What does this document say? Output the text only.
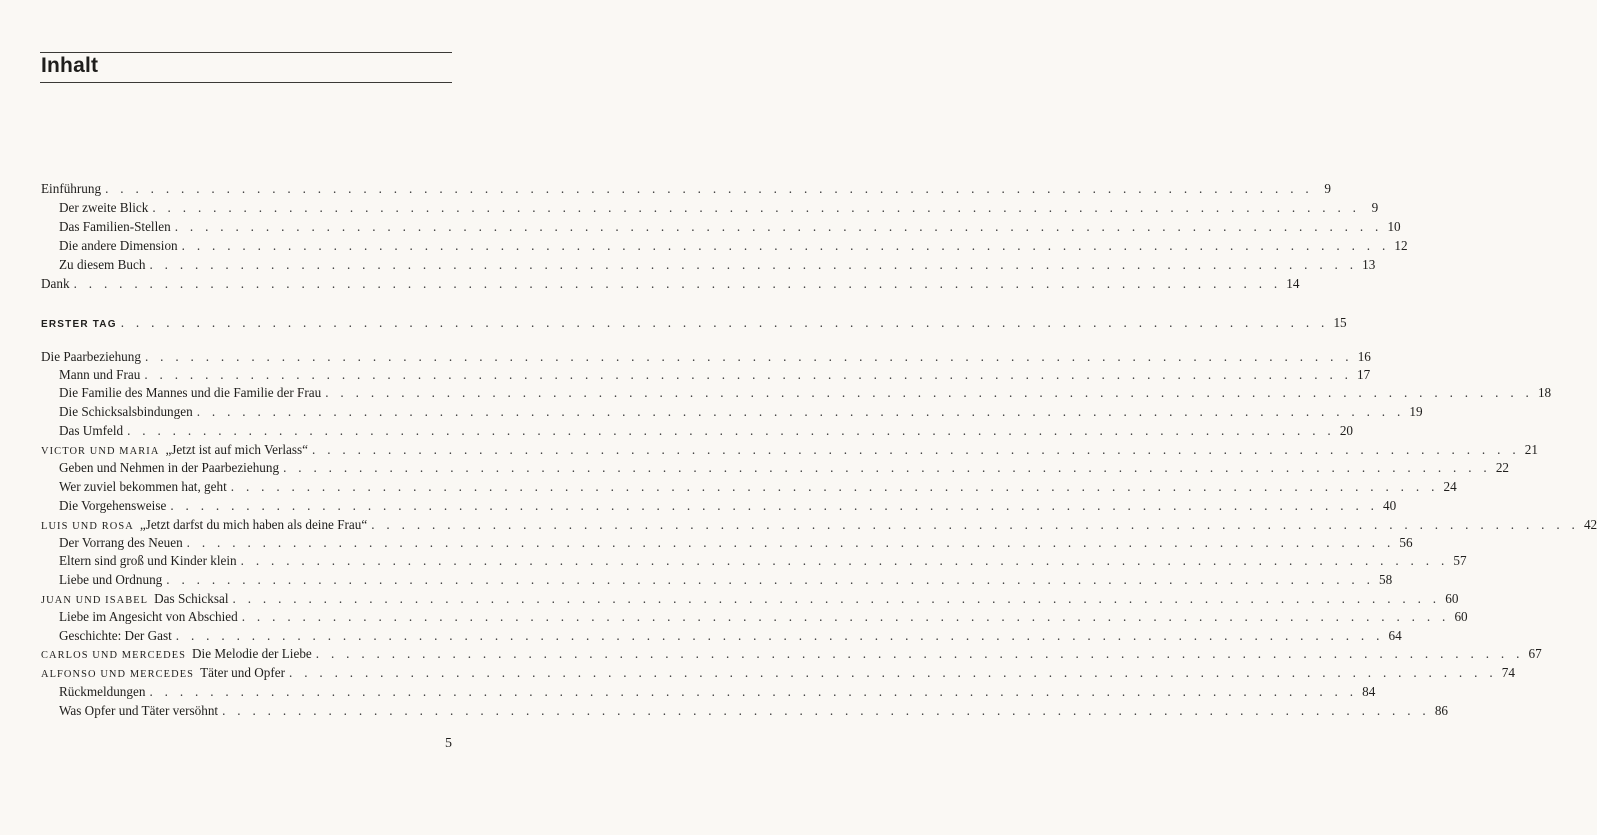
Inhalt
Einführung . . . . . . . . . . . . . . . . . . . . . . . . . . . . . . . . . . . . . . . . . . . . . . . . . . . . . . . . . . . . . . . . . . . . . . . . . . . . . . . . 9
Der zweite Blick . . . . . . . . . . . . . . . . . . . . . . . . . . . . . . . . . . . . . . . . . . . . . . . . . . . . . . . . . . . . . . . . . . . . . . . . . . . . . . . . 9
Das Familien-Stellen . . . . . . . . . . . . . . . . . . . . . . . . . . . . . . . . . . . . . . . . . . . . . . . . . . . . . . . . . . . . . . . . . . . . . . . . . . . . . . . . 10
Die andere Dimension . . . . . . . . . . . . . . . . . . . . . . . . . . . . . . . . . . . . . . . . . . . . . . . . . . . . . . . . . . . . . . . . . . . . . . . . . . . . . . . . 12
Zu diesem Buch . . . . . . . . . . . . . . . . . . . . . . . . . . . . . . . . . . . . . . . . . . . . . . . . . . . . . . . . . . . . . . . . . . . . . . . . . . . . . . . . 13
Dank . . . . . . . . . . . . . . . . . . . . . . . . . . . . . . . . . . . . . . . . . . . . . . . . . . . . . . . . . . . . . . . . . . . . . . . . . . . . . . . . 14
ERSTER TAG . . . . . . . . . . . . . . . . . . . . . . . . . . . . . . . . . . . . . . . . . . . . . . . . . . . . . . . . . . . . . . . . . . . . . . . . . . . . . . . . 15
Die Paarbeziehung . . . . . . . . . . . . . . . . . . . . . . . . . . . . . . . . . . . . . . . . . . . . . . . . . . . . . . . . . . . . . . . . . . . . . . . . . . . . . . . . 16
Mann und Frau . . . . . . . . . . . . . . . . . . . . . . . . . . . . . . . . . . . . . . . . . . . . . . . . . . . . . . . . . . . . . . . . . . . . . . . . . . . . . . . . 17
Die Familie des Mannes und die Familie der Frau . . . . . . . . . . . . . . . . . . . . . . . . . . . . . . . . . . . . . . . . . . . . . . . . . . . . . . . . . . . . . . . . . . . . . . . . . . . . . . . . 18
Die Schicksalsbindungen . . . . . . . . . . . . . . . . . . . . . . . . . . . . . . . . . . . . . . . . . . . . . . . . . . . . . . . . . . . . . . . . . . . . . . . . . . . . . . . . 19
Das Umfeld . . . . . . . . . . . . . . . . . . . . . . . . . . . . . . . . . . . . . . . . . . . . . . . . . . . . . . . . . . . . . . . . . . . . . . . . . . . . . . . . 20
VICTOR UND MARIA „Jetzt ist auf mich Verlass“ . . . . . . . . . . . . . . . . . . . . . . . . . . . . . . . . . . . . . . . . . . . . . . . . . . . . . . . . . . . . . . . . . . . . . . . . . . . . . . . . 21
Geben und Nehmen in der Paarbeziehung . . . . . . . . . . . . . . . . . . . . . . . . . . . . . . . . . . . . . . . . . . . . . . . . . . . . . . . . . . . . . . . . . . . . . . . . . . . . . . . . 22
Wer zuviel bekommen hat, geht . . . . . . . . . . . . . . . . . . . . . . . . . . . . . . . . . . . . . . . . . . . . . . . . . . . . . . . . . . . . . . . . . . . . . . . . . . . . . . . . 24
Die Vorgehensweise . . . . . . . . . . . . . . . . . . . . . . . . . . . . . . . . . . . . . . . . . . . . . . . . . . . . . . . . . . . . . . . . . . . . . . . . . . . . . . . . 40
LUIS UND ROSA „Jetzt darfst du mich haben als deine Frau“ . . . . . . . . . . . . . . . . . . . . . . . . . . . . . . . . . . . . . . . . . . . . . . . . . . . . . . . . . . . . . . . . . . . . . . . . . . . . . . . . 42
Der Vorrang des Neuen . . . . . . . . . . . . . . . . . . . . . . . . . . . . . . . . . . . . . . . . . . . . . . . . . . . . . . . . . . . . . . . . . . . . . . . . . . . . . . . . 56
Eltern sind groß und Kinder klein . . . . . . . . . . . . . . . . . . . . . . . . . . . . . . . . . . . . . . . . . . . . . . . . . . . . . . . . . . . . . . . . . . . . . . . . . . . . . . . . 57
Liebe und Ordnung . . . . . . . . . . . . . . . . . . . . . . . . . . . . . . . . . . . . . . . . . . . . . . . . . . . . . . . . . . . . . . . . . . . . . . . . . . . . . . . . 58
JUAN UND ISABEL Das Schicksal . . . . . . . . . . . . . . . . . . . . . . . . . . . . . . . . . . . . . . . . . . . . . . . . . . . . . . . . . . . . . . . . . . . . . . . . . . . . . . . . 60
Liebe im Angesicht von Abschied . . . . . . . . . . . . . . . . . . . . . . . . . . . . . . . . . . . . . . . . . . . . . . . . . . . . . . . . . . . . . . . . . . . . . . . . . . . . . . . . 60
Geschichte: Der Gast . . . . . . . . . . . . . . . . . . . . . . . . . . . . . . . . . . . . . . . . . . . . . . . . . . . . . . . . . . . . . . . . . . . . . . . . . . . . . . . . 64
CARLOS UND MERCEDES Die Melodie der Liebe . . . . . . . . . . . . . . . . . . . . . . . . . . . . . . . . . . . . . . . . . . . . . . . . . . . . . . . . . . . . . . . . . . . . . . . . . . . . . . . . 67
ALFONSO UND MERCEDES Täter und Opfer . . . . . . . . . . . . . . . . . . . . . . . . . . . . . . . . . . . . . . . . . . . . . . . . . . . . . . . . . . . . . . . . . . . . . . . . . . . . . . . . 74
Rückmeldungen . . . . . . . . . . . . . . . . . . . . . . . . . . . . . . . . . . . . . . . . . . . . . . . . . . . . . . . . . . . . . . . . . . . . . . . . . . . . . . . . 84
Was Opfer und Täter versöhnt . . . . . . . . . . . . . . . . . . . . . . . . . . . . . . . . . . . . . . . . . . . . . . . . . . . . . . . . . . . . . . . . . . . . . . . . . . . . . . . . 86
5
